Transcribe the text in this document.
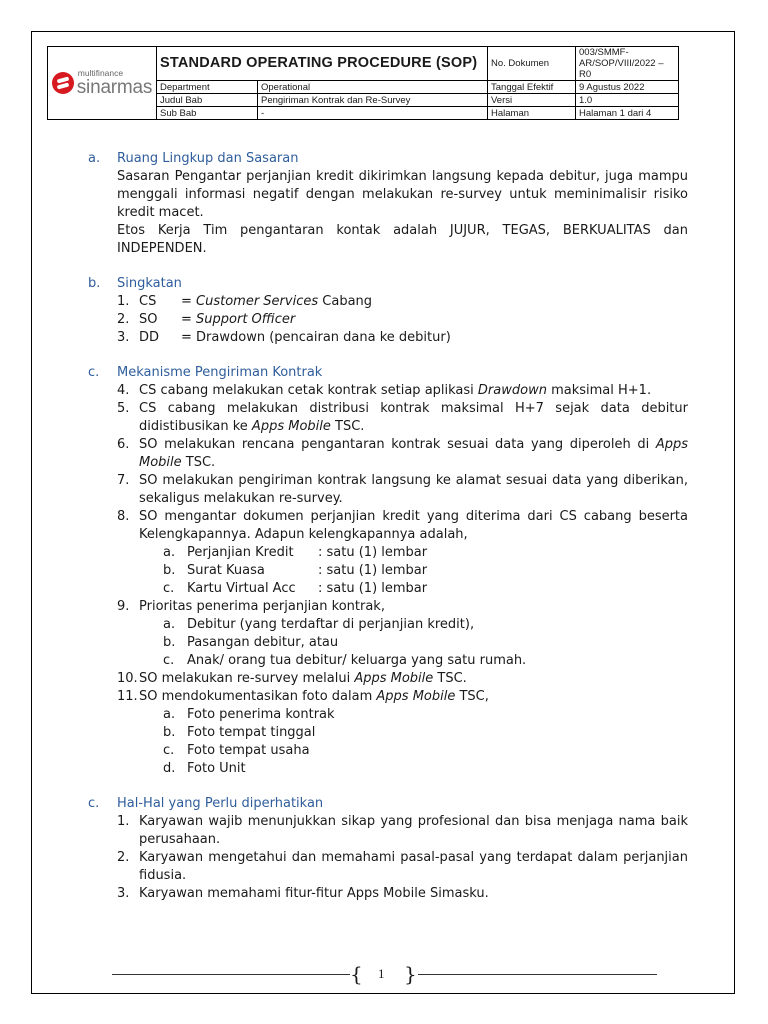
multifinance
sinarmas	STANDARD OPERATING PROCEDURE (SOP)		No. Dokumen	003/SMMF-AR/SOP/VIII/2022 – R0
	Department	Operational	Tanggal Efektif	9 Agustus 2022
	Judul Bab	Pengiriman Kontrak dan Re-Survey	Versi	1.0
	Sub Bab	-	Halaman	Halaman 1 dari 4
a.	Ruang Lingkup dan Sasaran
Sasaran Pengantar perjanjian kredit dikirimkan langsung kepada debitur, juga mampu menggali informasi negatif dengan melakukan re-survey untuk meminimalisir risiko kredit macet.
Etos Kerja Tim pengantaran kontak adalah JUJUR, TEGAS, BERKUALITAS dan INDEPENDEN.
b.	Singkatan
1. CS = Customer Services Cabang
2. SO = Support Officer
3. DD = Drawdown (pencairan dana ke debitur)
c.	Mekanisme Pengiriman Kontrak
4. CS cabang melakukan cetak kontrak setiap aplikasi Drawdown maksimal H+1.
5. CS cabang melakukan distribusi kontrak maksimal H+7 sejak data debitur didistibusikan ke Apps Mobile TSC.
6. SO melakukan rencana pengantaran kontrak sesuai data yang diperoleh di Apps Mobile TSC.
7. SO melakukan pengiriman kontrak langsung ke alamat sesuai data yang diberikan, sekaligus melakukan re-survey.
8. SO mengantar dokumen perjanjian kredit yang diterima dari CS cabang beserta Kelengkapannya. Adapun kelengkapannya adalah,
a. Perjanjian Kredit : satu (1) lembar
b. Surat Kuasa	: satu (1) lembar
c. Kartu Virtual Acc : satu (1) lembar
9. Prioritas penerima perjanjian kontrak,
a. Debitur (yang terdaftar di perjanjian kredit),
b. Pasangan debitur, atau
c. Anak/ orang tua debitur/ keluarga yang satu rumah.
10. SO melakukan re-survey melalui Apps Mobile TSC.
11. SO mendokumentasikan foto dalam Apps Mobile TSC,
a. Foto penerima kontrak
b. Foto tempat tinggal
c. Foto tempat usaha
d. Foto Unit
c.	Hal-Hal yang Perlu diperhatikan
1. Karyawan wajib menunjukkan sikap yang profesional dan bisa menjaga nama baik perusahaan.
2. Karyawan mengetahui dan memahami pasal-pasal yang terdapat dalam perjanjian fidusia.
3. Karyawan memahami fitur-fitur Apps Mobile Simasku.
{ 1 }
